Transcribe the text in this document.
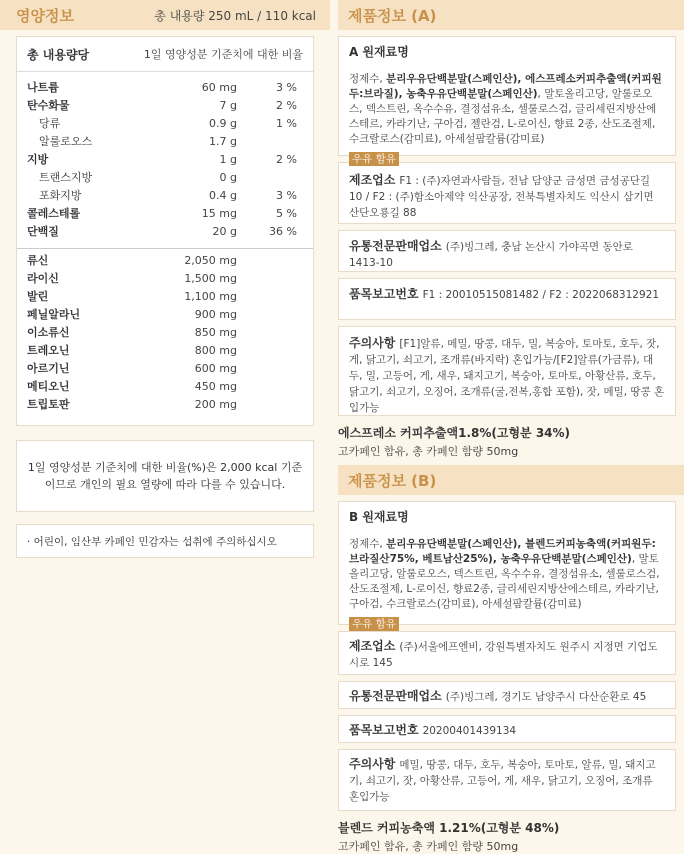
영양정보	총 내용량 250 mL / 110 kcal
총 내용량당	1일 영양성분 기준치에 대한 비율
나트륨	60 mg	3 %
탄수화물	7 g	2 %
당류	0.9 g	1 %
알룰로오스	1.7 g
지방	1 g	2 %
트랜스지방	0 g
포화지방	0.4 g	3 %
콜레스테롤	15 mg	5 %
단백질	20 g	36 %
류신	2,050 mg
라이신	1,500 mg
발린	1,100 mg
페닐알라닌	900 mg
이소류신	850 mg
트레오닌	800 mg
아르기닌	600 mg
메티오닌	450 mg
트립토판	200 mg
1일 영양성분 기준치에 대한 비율(%)은 2,000 kcal 기준이므로 개인의 필요 열량에 따라 다를 수 있습니다.
· 어린이, 임산부 카페인 민감자는 섭취에 주의하십시오
제품정보 (A)
A 원재료명
정제수, 분리우유단백분말(스페인산), 에스프레소커피추출액(커피원두:브라질), 농축우유단백분말(스페인산), 말토올리고당, 알룰로오스, 덱스트린, 옥수수유, 결정섬유소, 셀룰로스검, 글리세린지방산에스테르, 카라기난, 구아검, 젤란검, L-로이신, 향료 2종, 산도조절제, 수크랄로스(감미료), 아세설팜칼륨(감미료)
우유 함유
제조업소 F1 : (주)자연과사람들, 전남 담양군 금성면 금성공단길 10 / F2 : (주)함소아제약 익산공장, 전북특별자치도 익산시 삼기면 산단오룡길 88
유통전문판매업소 (주)빙그레, 충남 논산시 가야곡면 동안로 1413-10
품목보고번호 F1 : 20010515081482 / F2 : 2022068312921
주의사항 [F1]알류, 메밀, 땅콩, 대두, 밀, 복숭아, 토마토, 호두, 잣, 게, 닭고기, 쇠고기, 조개류(바지락) 혼입가능/[F2]알류(가금류), 대두, 밀, 고등어, 게, 새우, 돼지고기, 복숭아, 토마토, 아황산류, 호두, 닭고기, 쇠고기, 오징어, 조개류(굴,전복,홍합 포함), 잣, 메밀, 땅콩 혼입가능
에스프레소 커피추출액1.8%(고형분 34%)
고카페인 함유, 총 카페인 함량 50mg
제품정보 (B)
B 원재료명
정제수, 분리우유단백분말(스페인산), 블렌드커피농축액(커피원두:브라질산75%, 베트남산25%), 농축우유단백분말(스페인산), 말토올리고당, 알룰로오스, 덱스트린, 옥수수유, 결정섬유소, 셀룰로스검, 산도조절제, L-로이신, 향료2종, 글리세린지방산에스테르, 카라기난, 구아검, 수크랄로스(감미료), 아세설팜칼륨(감미료)
우유 함유
제조업소 (주)서울에프엔비, 강원특별자치도 원주시 지정면 기업도시로 145
유통전문판매업소 (주)빙그레, 경기도 남양주시 다산순환로 45
품목보고번호 20200401439134
주의사항 메밀, 땅콩, 대두, 호두, 복숭아, 토마토, 알류, 밀, 돼지고기, 쇠고기, 잣, 아황산류, 고등어, 게, 새우, 닭고기, 오징어, 조개류 혼입가능
블렌드 커피농축액 1.21%(고형분 48%)
고카페인 함유, 총 카페인 함량 50mg
